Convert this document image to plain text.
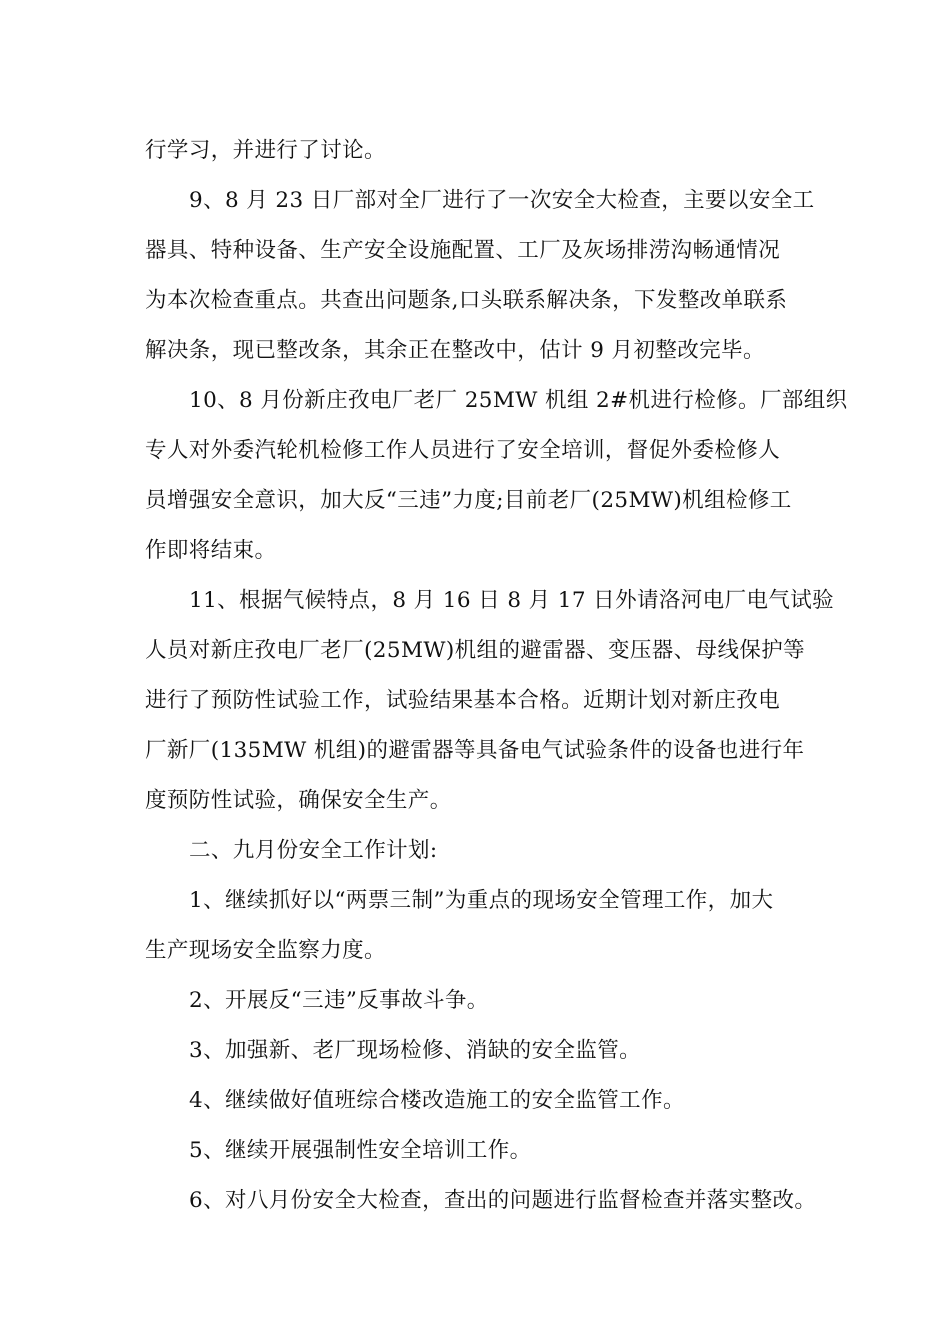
行学习，并进行了讨论。

9、8 月 23 日厂部对全厂进行了一次安全大检查，主要以安全工
器具、特种设备、生产安全设施配置、工厂及灰场排涝沟畅通情况
为本次检查重点。共查出问题条,口头联系解决条，下发整改单联系
解决条，现已整改条，其余正在整改中，估计 9 月初整改完毕。

10、8 月份新庄孜电厂老厂 25MW 机组 2#机进行检修。厂部组织
专人对外委汽轮机检修工作人员进行了安全培训，督促外委检修人
员增强安全意识，加大反“三违”力度;目前老厂(25MW)机组检修工
作即将结束。

11、根据气候特点，8 月 16 日 8 月 17 日外请洛河电厂电气试验
人员对新庄孜电厂老厂(25MW)机组的避雷器、变压器、母线保护等
进行了预防性试验工作，试验结果基本合格。近期计划对新庄孜电
厂新厂(135MW 机组)的避雷器等具备电气试验条件的设备也进行年
度预防性试验，确保安全生产。

二、九月份安全工作计划:

1、继续抓好以“两票三制”为重点的现场安全管理工作，加大
生产现场安全监察力度。

2、开展反“三违”反事故斗争。

3、加强新、老厂现场检修、消缺的安全监管。

4、继续做好值班综合楼改造施工的安全监管工作。

5、继续开展强制性安全培训工作。

6、对八月份安全大检查，查出的问题进行监督检查并落实整改。
